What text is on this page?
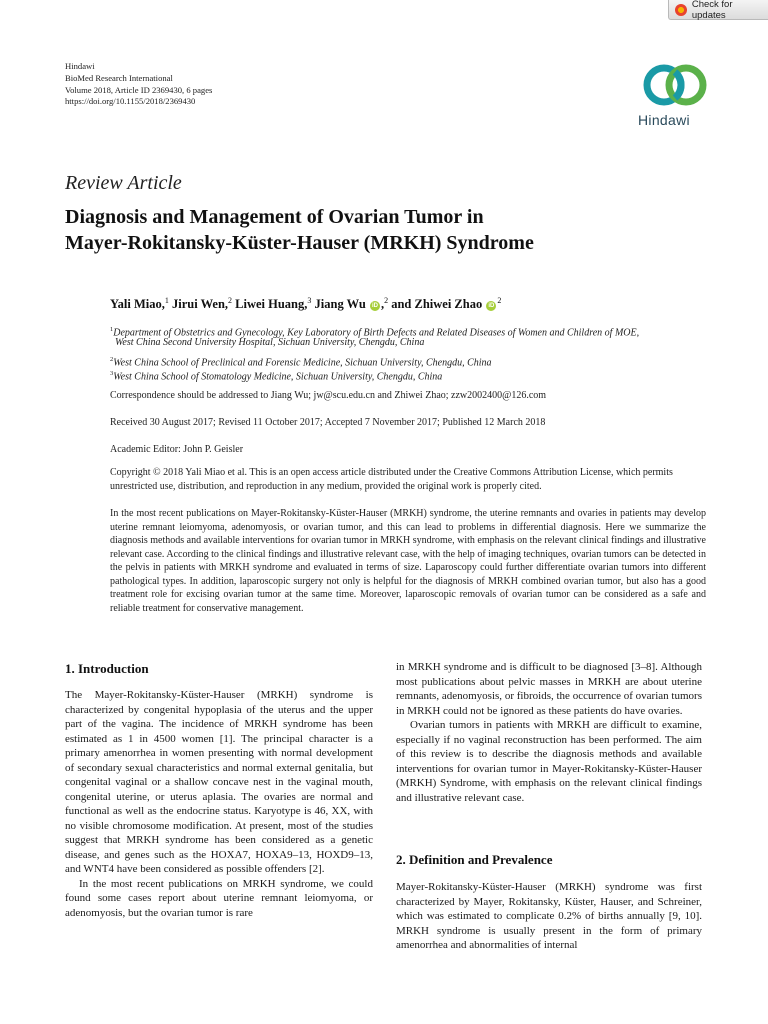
Check for updates
Hindawi
BioMed Research International
Volume 2018, Article ID 2369430, 6 pages
https://doi.org/10.1155/2018/2369430
Hindawi
Review Article
Diagnosis and Management of Ovarian Tumor in
Mayer-Rokitansky-Küster-Hauser (MRKH) Syndrome
Yali Miao,$^1$ Jirui Wen,$^2$ Liwei Huang,$^3$ Jiang Wu iD ,$^2$ and Zhiwei Zhao $iD^2$
$^1$Department of Obstetrics and Gynecology, Key Laboratory of Birth Defects and Related Diseases of Women and Children of MOE,
West China Second University Hospital, Sichuan University, Chengdu, China
$^2$West China School of Preclinical and Forensic Medicine, Sichuan University, Chengdu, China
$^3$West China School of Stomatology Medicine, Sichuan University, Chengdu, China
Correspondence should be addressed to Jiang Wu; jw@scu.edu.cn and Zhiwei Zhao; zzw2002400@126.com
Received 30 August 2017; Revised 11 October 2017; Accepted 7 November 2017; Published 12 March 2018
Academic Editor: John P. Geisler
Copyright © 2018 Yali Miao et al. This is an open access article distributed under the Creative Commons Attribution License, which permits unrestricted use, distribution, and reproduction in any medium, provided the original work is properly cited.
In the most recent publications on Mayer-Rokitansky-Küster-Hauser (MRKH) syndrome, the uterine remnants and ovaries in patients may develop uterine remnant leiomyoma, adenomyosis, or ovarian tumor, and this can lead to problems in differential diagnosis. Here we summarize the diagnosis methods and available interventions for ovarian tumor in MRKH syndrome, with emphasis on the relevant clinical findings and illustrative relevant case. According to the clinical findings and illustrative relevant case, with the help of imaging techniques, ovarian tumors can be detected in the pelvis in patients with MRKH syndrome and evaluated in terms of size. Laparoscopy could further differentiate ovarian tumors into different pathological types. In addition, laparoscopic surgery not only is helpful for the diagnosis of MRKH combined ovarian tumor, but also has a good treatment role for excising ovarian tumor at the same time. Moreover, laparoscopic removals of ovarian tumor can be considered as a safe and reliable treatment for conservative management.
1. Introduction

The Mayer-Rokitansky-Küster-Hauser (MRKH) syndrome is characterized by congenital hypoplasia of the uterus and the upper part of the vagina. The incidence of MRKH syndrome has been estimated as 1 in 4500 women [1]. The principal character is a primary amenorrhea in women presenting with normal development of secondary sexual characteristics and normal external genitalia, but congenital vaginal or a shallow concave nest in the vaginal mouth, congenital uterine, or uterus aplasia. The ovaries are normal and functional as well as the endocrine status. Karyotype is 46, XX, with no visible chromosome modification. At present, most of the studies suggest that MRKH syndrome has been considered as a genetic disease, and genes such as the HOXA7, HOXA9–13, HOXD9–13, and WNT4 have been considered as possible offenders [2].

In the most recent publications on MRKH syndrome, we could found some cases report about uterine remnant leiomyoma, or adenomyosis, but the ovarian tumor is rare

in MRKH syndrome and is difficult to be diagnosed [3–8]. Although most publications about pelvic masses in MRKH are about uterine remnants, adenomyosis, or fibroids, the occurrence of ovarian tumors in MRKH could not be ignored as these patients do have ovaries.

Ovarian tumors in patients with MRKH are difficult to examine, especially if no vaginal reconstruction has been performed. The aim of this review is to describe the diagnosis methods and available interventions for ovarian tumor in Mayer-Rokitansky-Küster-Hauser (MRKH) Syndrome, with emphasis on the relevant clinical findings and illustrative relevant case.

2. Definition and Prevalence

Mayer-Rokitansky-Küster-Hauser (MRKH) syndrome was first characterized by Mayer, Rokitansky, Küster, Hauser, and Schreiner, which was estimated to complicate 0.2% of births annually [9, 10]. MRKH syndrome is usually present in the form of primary amenorrhea and abnormalities of internal
